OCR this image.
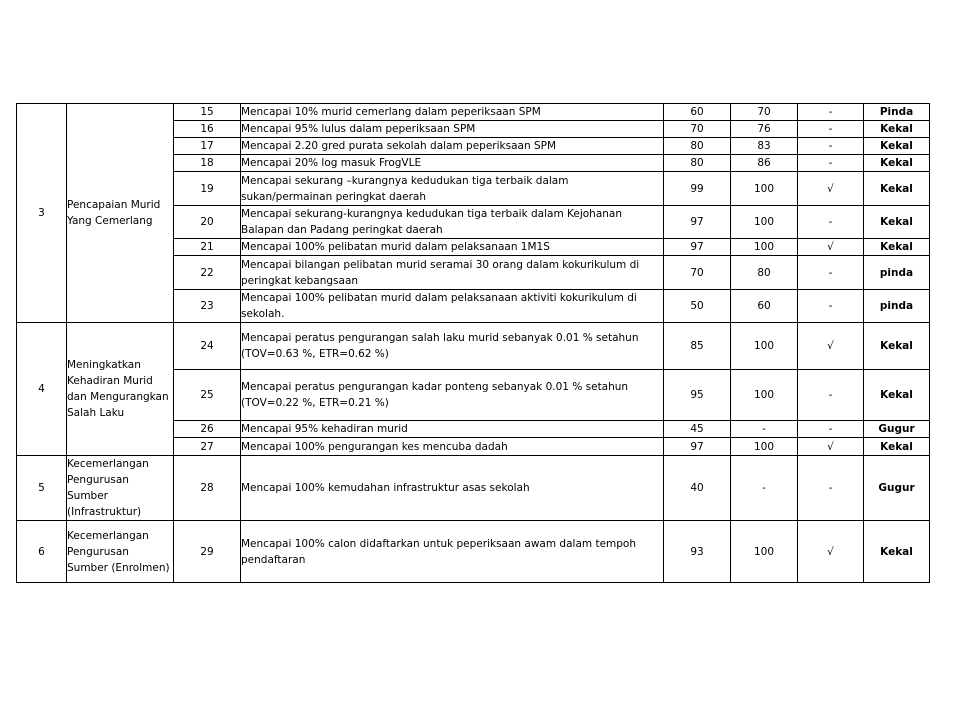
3	Pencapaian Murid Yang Cemerlang	15	Mencapai 10% murid cemerlang dalam peperiksaan SPM	60	70	-	Pinda
		16	Mencapai 95% lulus dalam peperiksaan SPM	70	76	-	Kekal
		17	Mencapai 2.20 gred purata sekolah dalam peperiksaan SPM	80	83	-	Kekal
		18	Mencapai 20% log masuk FrogVLE	80	86	-	Kekal
		19	Mencapai sekurang –kurangnya kedudukan tiga terbaik dalam sukan/permainan peringkat daerah	99	100	√	Kekal
		20	Mencapai sekurang-kurangnya kedudukan tiga terbaik dalam Kejohanan Balapan dan Padang peringkat daerah	97	100	-	Kekal
		21	Mencapai 100% pelibatan murid dalam pelaksanaan 1M1S	97	100	√	Kekal
		22	Mencapai bilangan pelibatan murid seramai 30 orang dalam kokurikulum di peringkat kebangsaan	70	80	-	pinda
		23	Mencapai 100% pelibatan murid dalam pelaksanaan aktiviti kokurikulum di sekolah.	50	60	-	pinda
4	Meningkatkan Kehadiran Murid dan Mengurangkan Salah Laku	24	Mencapai peratus pengurangan salah laku murid sebanyak 0.01 % setahun (TOV=0.63 %, ETR=0.62 %)	85	100	√	Kekal
		25	Mencapai peratus pengurangan kadar ponteng sebanyak 0.01 % setahun (TOV=0.22 %, ETR=0.21 %)	95	100	-	Kekal
		26	Mencapai 95% kehadiran murid	45	-	-	Gugur
		27	Mencapai 100% pengurangan kes mencuba dadah	97	100	√	Kekal
5	Kecemerlangan Pengurusan Sumber (Infrastruktur)	28	Mencapai 100% kemudahan infrastruktur asas sekolah	40	-	-	Gugur
6	Kecemerlangan Pengurusan Sumber (Enrolmen)	29	Mencapai 100% calon didaftarkan untuk peperiksaan awam dalam tempoh pendaftaran	93	100	√	Kekal
